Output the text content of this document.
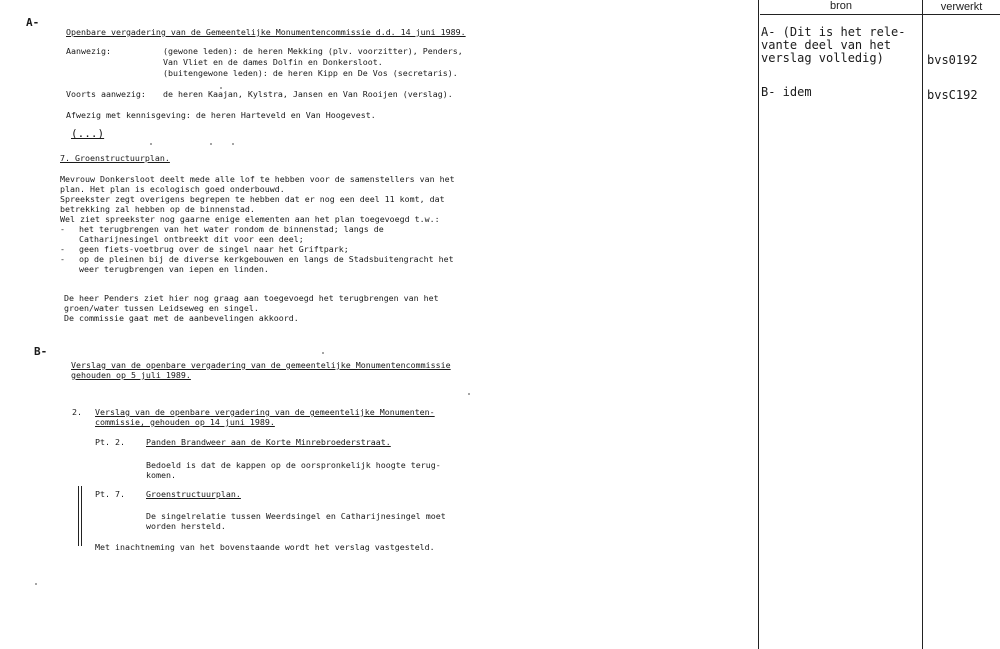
A-
B-
Openbare vergadering van de Gemeentelijke Monumentencommissie d.d. 14 juni 1989.
Aanwezig:	(gewone leden): de heren Mekking (plv. voorzitter), Penders,
Van Vliet en de dames Dolfin en Donkersloot.
(buitengewone leden): de heren Kipp en De Vos (secretaris).
Voorts aanwezig: de heren Kaajan, Kylstra, Jansen en Van Rooijen (verslag).
Afwezig met kennisgeving: de heren Harteveld en Van Hoogevest.
(...)
7. Groenstructuurplan.
Mevrouw Donkersloot deelt mede alle lof te hebben voor de samenstellers van het
plan. Het plan is ecologisch goed onderbouwd.
Spreekster zegt overigens begrepen te hebben dat er nog een deel 11 komt, dat
betrekking zal hebben op de binnenstad.
Wel ziet spreekster nog gaarne enige elementen aan het plan toegevoegd t.w.:
- het terugbrengen van het water rondom de binnenstad; langs de
Catharijnesingel ontbreekt dit voor een deel;
- geen fiets-voetbrug over de singel naar het Griftpark;
- op de pleinen bij de diverse kerkgebouwen en langs de Stadsbuitengracht het
weer terugbrengen van iepen en linden.
De heer Penders ziet hier nog graag aan toegevoegd het terugbrengen van het
groen/water tussen Leidseweg en singel.
De commissie gaat met de aanbevelingen akkoord.
Verslag van de openbare vergadering van de gemeentelijke Monumentencommissie
gehouden op 5 juli 1989.
2. Verslag van de openbare vergadering van de gemeentelijke Monumenten-
commissie, gehouden op 14 juni 1989.
Pt. 2.	Panden Brandweer aan de Korte Minrebroederstraat.
Bedoeld is dat de kappen op de oorspronkelijk hoogte terug-
komen.
Pt. 7.	Groenstructuurplan.
De singelrelatie tussen Weerdsingel en Catharijnesingel moet
worden hersteld.
Met inachtneming van het bovenstaande wordt het verslag vastgesteld.
bron	verwerkt
A- (Dit is het rele-
vante deel van het
verslag volledig)	bvs0192
B- idem	bvsC192
